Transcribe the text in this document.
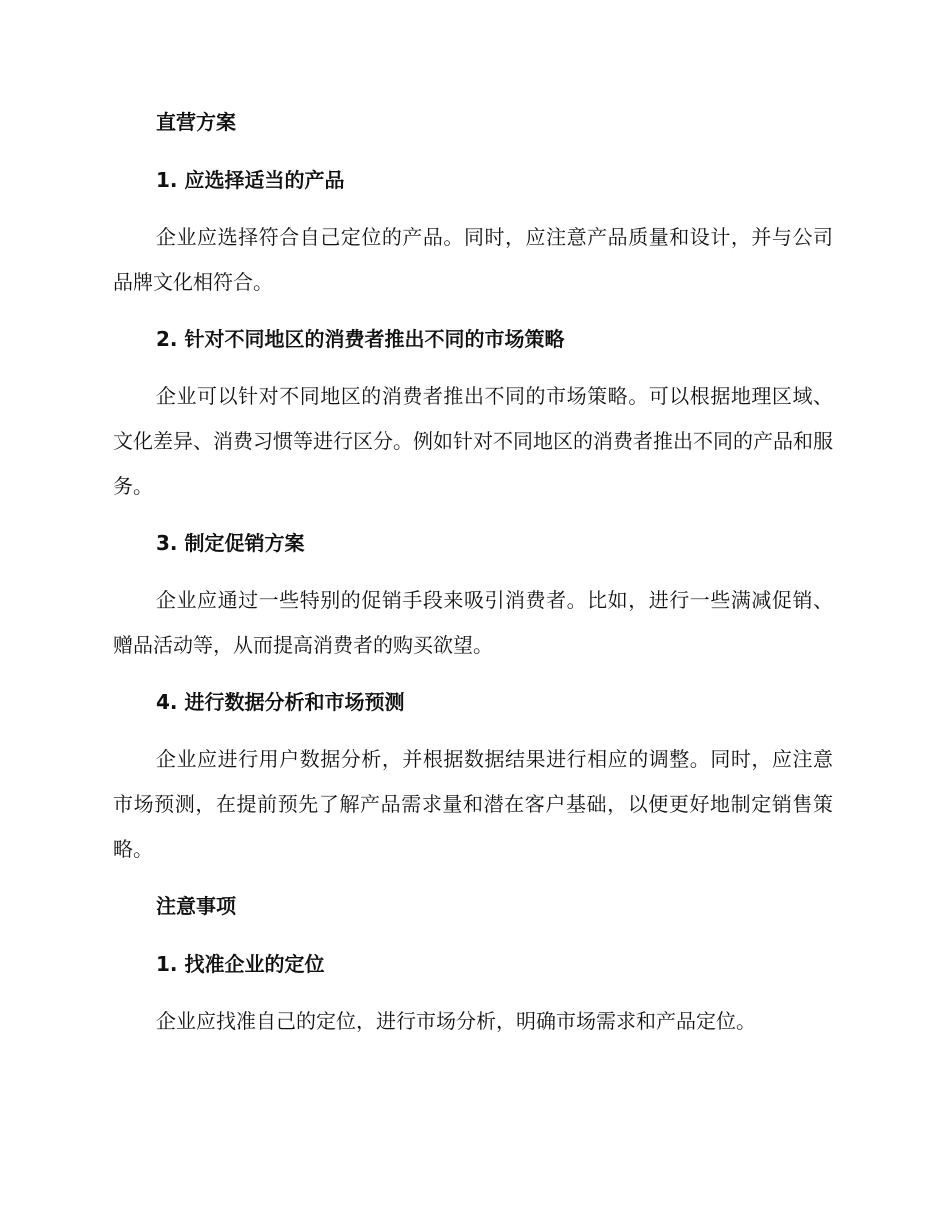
直营方案

1. 应选择适当的产品

企业应选择符合自己定位的产品。同时，应注意产品质量和设计，并与公司品牌文化相符合。

2. 针对不同地区的消费者推出不同的市场策略

企业可以针对不同地区的消费者推出不同的市场策略。可以根据地理区域、文化差异、消费习惯等进行区分。例如针对不同地区的消费者推出不同的产品和服务。

3. 制定促销方案

企业应通过一些特别的促销手段来吸引消费者。比如，进行一些满减促销、赠品活动等，从而提高消费者的购买欲望。

4. 进行数据分析和市场预测

企业应进行用户数据分析，并根据数据结果进行相应的调整。同时，应注意市场预测，在提前预先了解产品需求量和潜在客户基础，以便更好地制定销售策略。

注意事项

1. 找准企业的定位

企业应找准自己的定位，进行市场分析，明确市场需求和产品定位。
